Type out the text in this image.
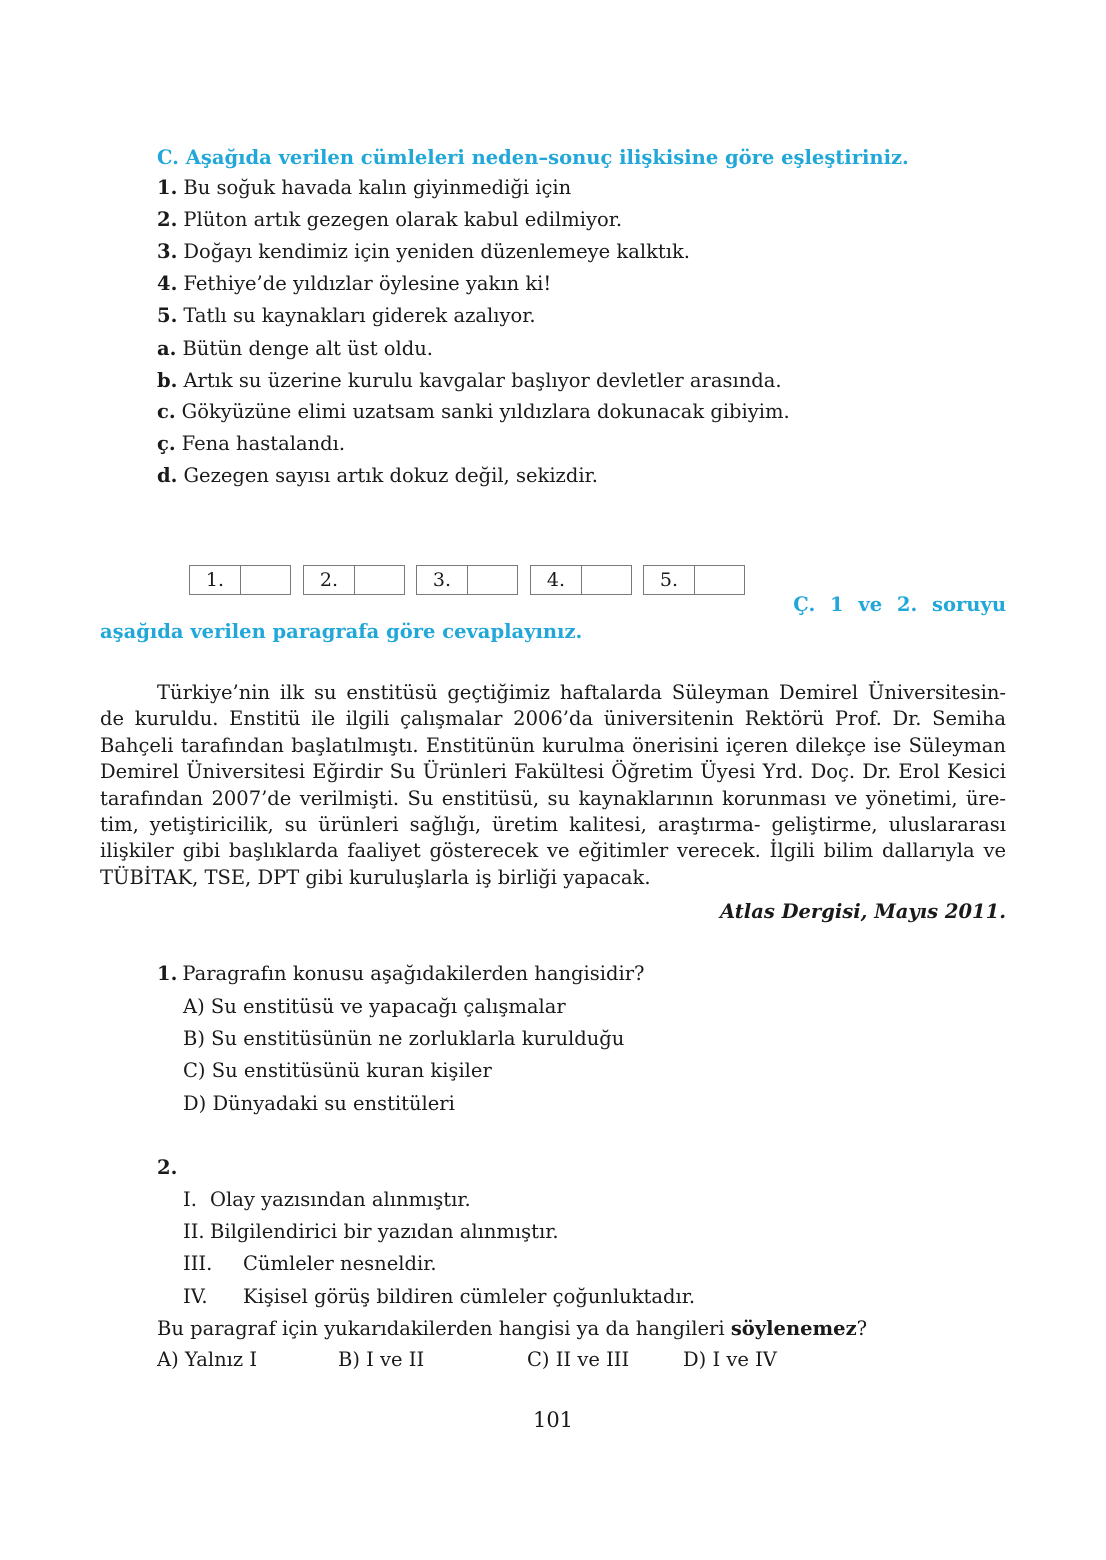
C. Aşağıda verilen cümleleri neden–sonuç ilişkisine göre eşleştiriniz.
1. Bu soğuk havada kalın giyinmediği için
2. Plüton artık gezegen olarak kabul edilmiyor.
3. Doğayı kendimiz için yeniden düzenlemeye kalktık.
4. Fethiye’de yıldızlar öylesine yakın ki!
5. Tatlı su kaynakları giderek azalıyor.
a. Bütün denge alt üst oldu.
b. Artık su üzerine kurulu kavgalar başlıyor devletler arasında.
c. Gökyüzüne elimi uzatsam sanki yıldızlara dokunacak gibiyim.
ç. Fena hastalandı.
d. Gezegen sayısı artık dokuz değil, sekizdir.
1.	2.	3.	4.	5.
Ç. 1 ve 2. soruyu
aşağıda verilen paragrafa göre cevaplayınız.
Türkiye’nin ilk su enstitüsü geçtiğimiz haftalarda Süleyman Demirel Üniversitesin-
de kuruldu. Enstitü ile ilgili çalışmalar 2006’da üniversitenin Rektörü Prof. Dr. Semiha
Bahçeli tarafından başlatılmıştı. Enstitünün kurulma önerisini içeren dilekçe ise Süleyman
Demirel Üniversitesi Eğirdir Su Ürünleri Fakültesi Öğretim Üyesi Yrd. Doç. Dr. Erol Kesici
tarafından 2007’de verilmişti. Su enstitüsü, su kaynaklarının korunması ve yönetimi, üre-
tim, yetiştiricilik, su ürünleri sağlığı, üretim kalitesi, araştırma- geliştirme, uluslararası
ilişkiler gibi başlıklarda faaliyet gösterecek ve eğitimler verecek. İlgili bilim dallarıyla ve
TÜBİTAK, TSE, DPT gibi kuruluşlarla iş birliği yapacak.
Atlas Dergisi, Mayıs 2011.
1. Paragrafın konusu aşağıdakilerden hangisidir?
A) Su enstitüsü ve yapacağı çalışmalar
B) Su enstitüsünün ne zorluklarla kurulduğu
C) Su enstitüsünü kuran kişiler
D) Dünyadaki su enstitüleri
2.
I. Olay yazısından alınmıştır.
II. Bilgilendirici bir yazıdan alınmıştır.
III. Cümleler nesneldir.
IV. Kişisel görüş bildiren cümleler çoğunluktadır.
Bu paragraf için yukarıdakilerden hangisi ya da hangileri söylenemez?
A) Yalnız I	B) I ve II	C) II ve III	D) I ve IV
101
